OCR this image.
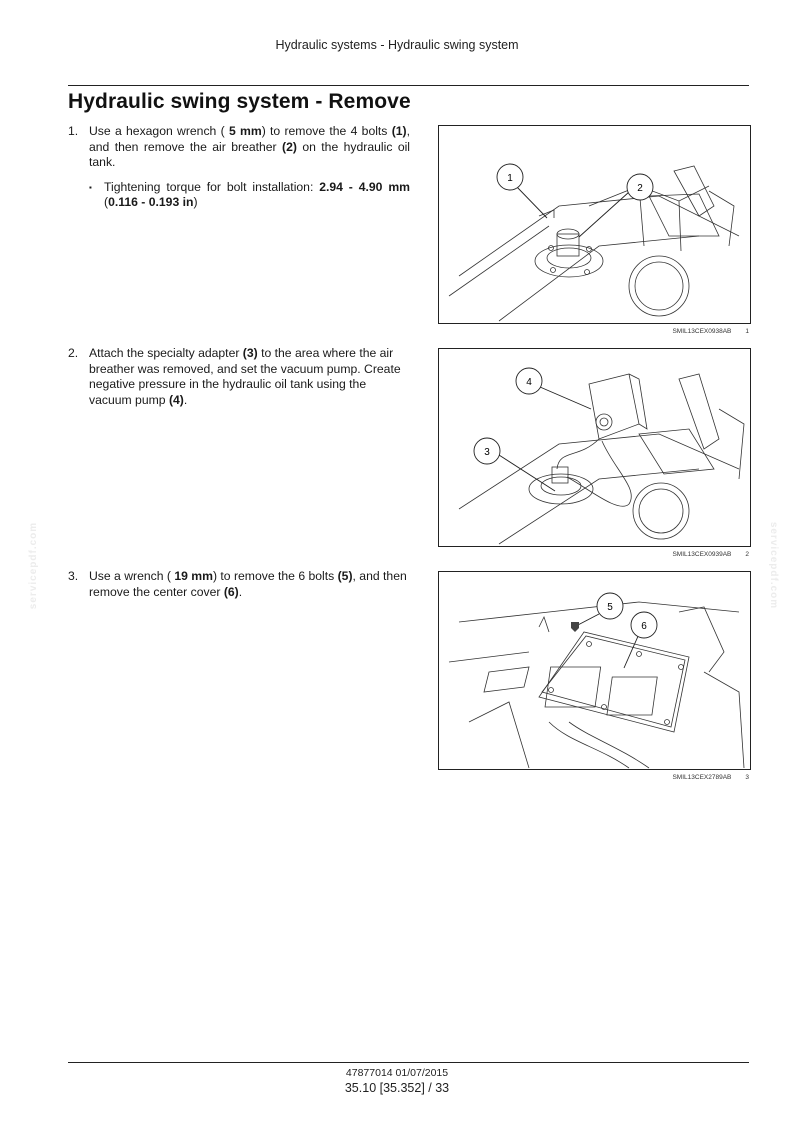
Hydraulic systems - Hydraulic swing system
Hydraulic swing system - Remove
1. Use a hexagon wrench ( 5 mm) to remove the 4 bolts (1), and then remove the air breather (2) on the hydraulic oil tank.
▪ Tightening torque for bolt installation: 2.94 - 4.90 mm (0.116 - 0.193 in)
1
2
SMIL13CEX0938AB 1
2. Attach the specialty adapter (3) to the area where the air breather was removed, and set the vacuum pump. Create negative pressure in the hydraulic oil tank using the vacuum pump (4).
4
3
SMIL13CEX0939AB 2
3. Use a wrench ( 19 mm) to remove the 6 bolts (5), and then remove the center cover (6).
5
6
SMIL13CEX2789AB 3
servicepdf.com	servicepdf.com
47877014 01/07/2015
35.10 [35.352] / 33
